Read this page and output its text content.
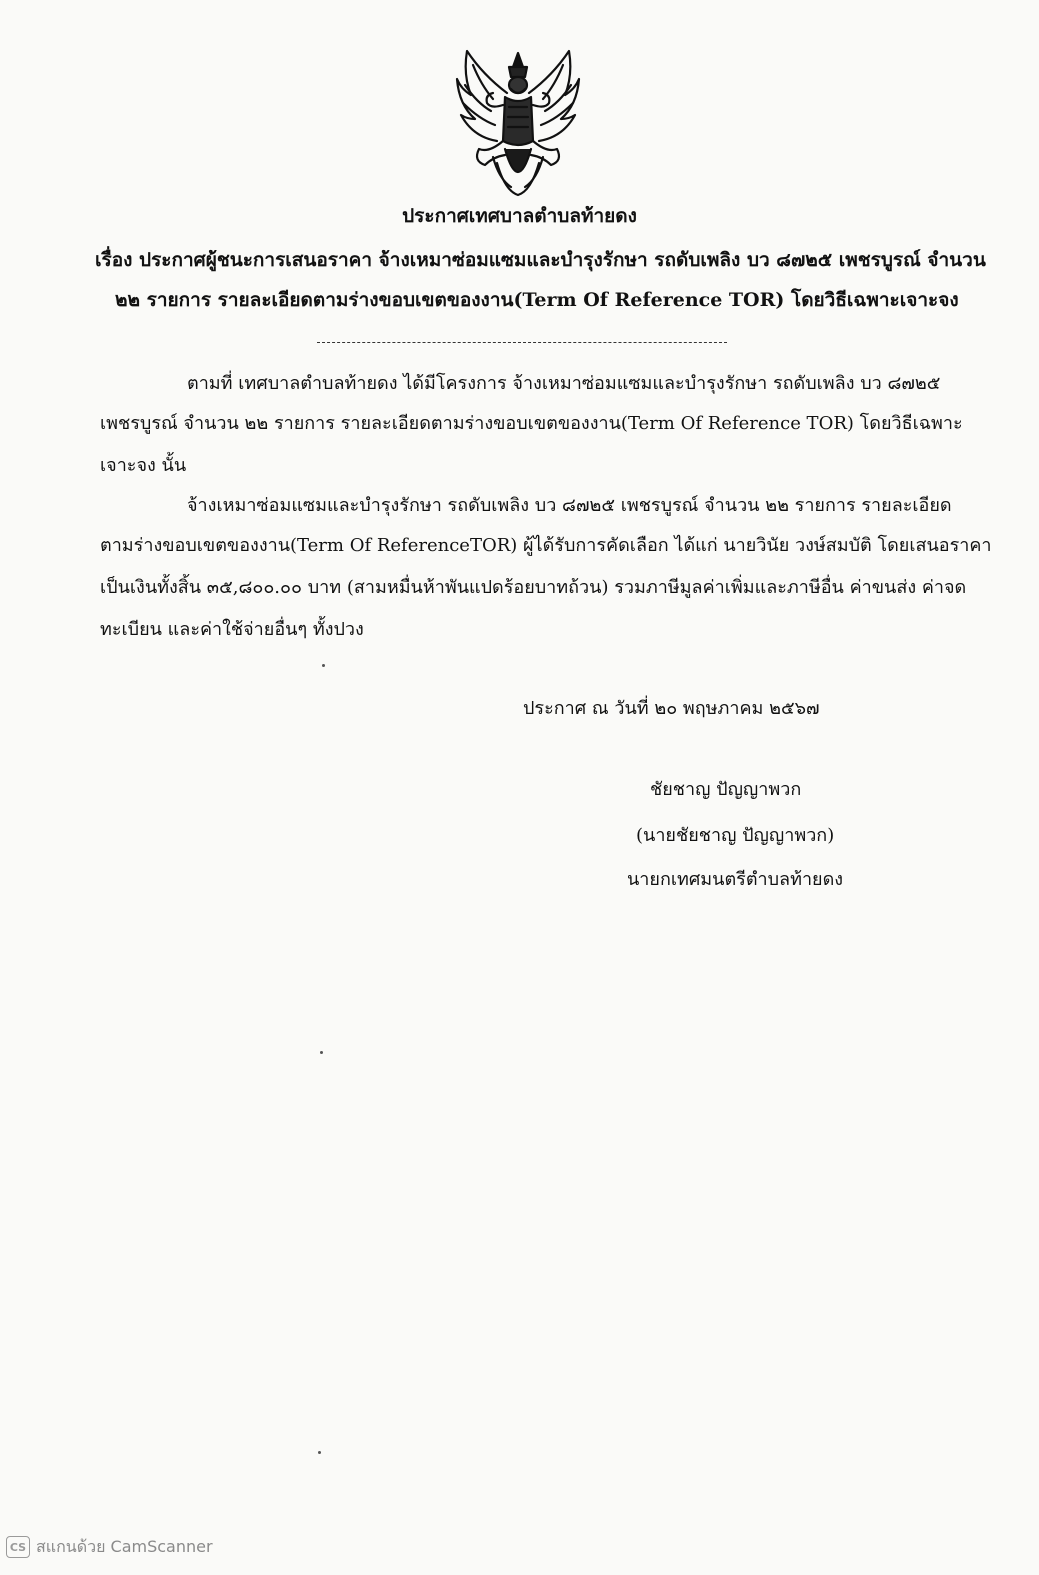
ประกาศเทศบาลตำบลท้ายดง
เรื่อง ประกาศผู้ชนะการเสนอราคา จ้างเหมาซ่อมแซมและบำรุงรักษา รถดับเพลิง บว ๘๗๒๕ เพชรบูรณ์ จำนวน
๒๒ รายการ รายละเอียดตามร่างขอบเขตของงาน(Term Of Reference TOR) โดยวิธีเฉพาะเจาะจง
ตามที่ เทศบาลตำบลท้ายดง ได้มีโครงการ จ้างเหมาซ่อมแซมและบำรุงรักษา รถดับเพลิง บว ๘๗๒๕
เพชรบูรณ์ จำนวน ๒๒ รายการ รายละเอียดตามร่างขอบเขตของงาน(Term Of Reference TOR) โดยวิธีเฉพาะ
เจาะจง นั้น
จ้างเหมาซ่อมแซมและบำรุงรักษา รถดับเพลิง บว ๘๗๒๕ เพชรบูรณ์ จำนวน ๒๒ รายการ รายละเอียด
ตามร่างขอบเขตของงาน(Term Of ReferenceTOR) ผู้ได้รับการคัดเลือก ได้แก่ นายวินัย วงษ์สมบัติ โดยเสนอราคา
เป็นเงินทั้งสิ้น ๓๕,๘๐๐.๐๐ บาท (สามหมื่นห้าพันแปดร้อยบาทถ้วน) รวมภาษีมูลค่าเพิ่มและภาษีอื่น ค่าขนส่ง ค่าจด
ทะเบียน และค่าใช้จ่ายอื่นๆ ทั้งปวง
ประกาศ ณ วันที่ ๒๐ พฤษภาคม ๒๕๖๗
ชัยชาญ ปัญญาพวก
(นายชัยชาญ ปัญญาพวก)
นายกเทศมนตรีตำบลท้ายดง
CS สแกนด้วย CamScanner
